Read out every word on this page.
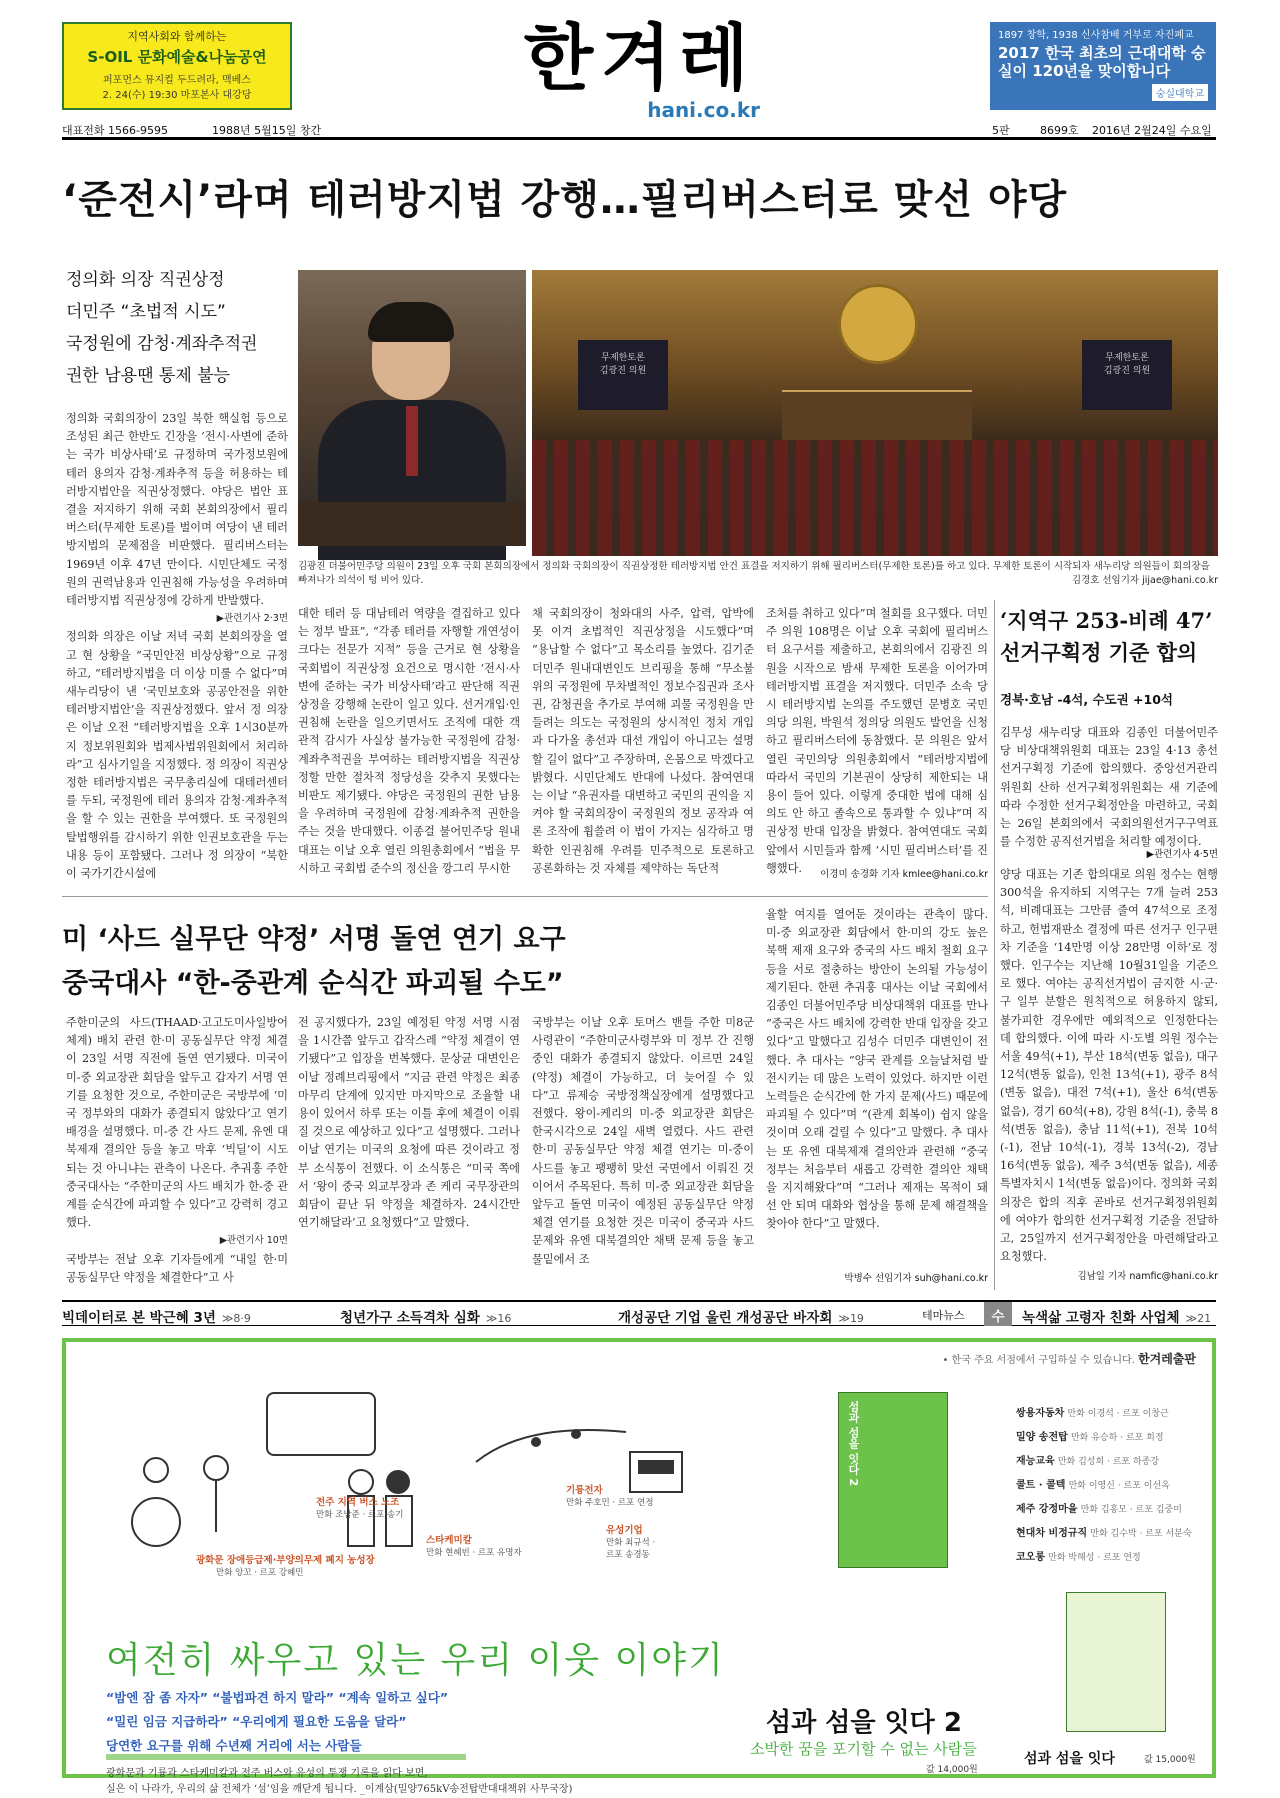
지역사회와 함께하는
S-OIL 문화예술&나눔공연
퍼포먼스 뮤지컬 두드려라, 맥베스
2. 24(수) 19:30 마포본사 대강당	한겨레
hani.co.kr
1897 창학, 1938 신사참배 거부로 자진폐교
2017 한국 최초의 근대대학 숭실이 120년을 맞이합니다
숭실대학교
대표전화 1566-9595	1988년 5월15일 창간	5판	8699호 2016년 2월24일 수요일
‘준전시’라며 테러방지법 강행…필리버스터로 맞선 야당
정의화 의장 직권상정
더민주 “초법적 시도”
국정원에 감청·계좌추적권
권한 남용땐 통제 불능
무제한토론
김광진 의원
무제한토론
김광진 의원
김광진 더불어민주당 의원이 23일 오후 국회 본회의장에서 정의화 국회의장이 직권상정한 테러방지법 안건 표결을 저지하기 위해 필리버스터(무제한 토론)를 하고 있다. 무제한 토론이 시작되자 새누리당 의원들이 회의장을 빠져나가 의석이 텅 비어 있다.	김경호 선임기자 jijae@hani.co.kr
정의화 국회의장이 23일 북한 핵실험 등으로 조성된 최근 한반도 긴장을 ‘전시·사변에 준하는 국가 비상사태’로 규정하며 국가정보원에 테러 용의자 감청·계좌추적 등을 허용하는 테러방지법안을 직권상정했다. 야당은 법안 표결을 저지하기 위해 국회 본회의장에서 필리버스터(무제한 토론)를 벌이며 여당이 낸 테러방지법의 문제점을 비판했다. 필리버스터는 1969년 이후 47년 만이다. 시민단체도 국정원의 권력남용과 인권침해 가능성을 우려하며 테러방지법 직권상정에 강하게 반발했다.
▶관련기사 2·3면
정의화 의장은 이날 저녁 국회 본회의장을 열고 현 상황을 “국민안전 비상상황”으로 규정하고, “테러방지법을 더 이상 미룰 수 없다”며 새누리당이 낸 ‘국민보호와 공공안전을 위한 테러방지법안’을 직권상정했다. 앞서 정 의장은 이날 오전 “테러방지법을 오후 1시30분까지 정보위원회와 법제사법위원회에서 처리하라”고 심사기일을 지정했다. 정 의장이 직권상정한 테러방지법은 국무총리실에 대테러센터를 두되, 국정원에 테러 용의자 감청·계좌추적을 할 수 있는 권한을 부여했다. 또 국정원의 탈법행위를 감시하기 위한 인권보호관을 두는 내용 등이 포함됐다. 그러나 정 의장이 “북한이 국가기간시설에
대한 테러 등 대남테러 역량을 결집하고 있다는 정부 발표”, “각종 테러를 자행할 개연성이 크다는 전문가 지적” 등을 근거로 현 상황을 국회법이 직권상정 요건으로 명시한 ‘전시·사변에 준하는 국가 비상사태’라고 판단해 직권상정을 강행해 논란이 일고 있다. 선거개입·인권침해 논란을 일으키면서도 조직에 대한 객관적 감시가 사실상 불가능한 국정원에 감청·계좌추적권을 부여하는 테러방지법을 직권상정할 만한 절차적 정당성을 갖추지 못했다는 비판도 제기됐다. 야당은 국정원의 권한 남용을 우려하며 국정원에 감청·계좌추적 권한을 주는 것을 반대했다. 이종걸 불어민주당 원내대표는 이날 오후 열린 의원총회에서 “법을 무시하고 국회법 준수의 정신을 깡그리 무시한
채 국회의장이 청와대의 사주, 압력, 압박에 못 이겨 초법적인 직권상정을 시도했다”며 “용납할 수 없다”고 목소리를 높였다. 김기준 더민주 원내대변인도 브리핑을 통해 “무소불위의 국정원에 무차별적인 정보수집권과 조사권, 감청권을 추가로 부여해 괴물 국정원을 만들려는 의도는 국정원의 상시적인 정치 개입과 다가올 총선과 대선 개입이 아니고는 설명할 길이 없다”고 주장하며, 온몸으로 막겠다고 밝혔다. 시민단체도 반대에 나섰다. 참여연대는 이날 “유권자를 대변하고 국민의 권익을 지켜야 할 국회의장이 국정원의 정보 공작과 여론 조작에 휩쓸려 이 법이 가지는 심각하고 명확한 인권침해 우려를 민주적으로 토론하고 공론화하는 것 자체를 제약하는 독단적
조처를 취하고 있다”며 철회를 요구했다. 더민주 의원 108명은 이날 오후 국회에 필리버스터 요구서를 제출하고, 본회의에서 김광진 의원을 시작으로 밤새 무제한 토론을 이어가며 테러방지법 표결을 저지했다. 더민주 소속 당시 테러방지법 논의를 주도했던 문병호 국민의당 의원, 박원석 정의당 의원도 발언을 신청하고 필리버스터에 동참했다. 문 의원은 앞서 열린 국민의당 의원총회에서 “테러방지법에 따라서 국민의 기본권이 상당히 제한되는 내용이 들어 있다. 이렇게 중대한 법에 대해 심의도 안 하고 졸속으로 통과할 수 있냐”며 직권상정 반대 입장을 밝혔다. 참여연대도 국회 앞에서 시민들과 함께 ‘시민 필리버스터’를 진행했다.	이경미 송경화 기자 kmlee@hani.co.kr
‘지역구 253-비례 47’ 선거구획정 기준 합의
경북·호남 -4석, 수도권 +10석
김무성 새누리당 대표와 김종인 더불어민주당 비상대책위원회 대표는 23일 4·13 총선 선거구획정 기준에 합의했다. 중앙선거관리위원회 산하 선거구획정위원회는 새 기준에 따라 수정한 선거구획정안을 마련하고, 국회는 26일 본회의에서 국회의원선거구구역표를 수정한 공직선거법을 처리할 예정이다.
▶관련기사 4·5면
양당 대표는 기존 합의대로 의원 정수는 현행 300석을 유지하되 지역구는 7개 늘려 253석, 비례대표는 그만큼 줄여 47석으로 조정하고, 헌법재판소 결정에 따른 선거구 인구편차 기준을 ‘14만명 이상 28만명 이하’로 정했다. 인구수는 지난해 10월31일을 기준으로 했다. 여야는 공직선거법이 금지한 시·군·구 일부 분할은 원칙적으로 허용하지 않되, 불가피한 경우에만 예외적으로 인정한다는 데 합의했다. 이에 따라 시·도별 의원 정수는 서울 49석(+1), 부산 18석(변동 없음), 대구 12석(변동 없음), 인천 13석(+1), 광주 8석(변동 없음), 대전 7석(+1), 울산 6석(변동 없음), 경기 60석(+8), 강원 8석(-1), 충북 8석(변동 없음), 충남 11석(+1), 전북 10석(-1), 전남 10석(-1), 경북 13석(-2), 경남 16석(변동 없음), 제주 3석(변동 없음), 세종특별자치시 1석(변동 없음)이다. 정의화 국회의장은 합의 직후 곧바로 선거구획정위원회에 여야가 합의한 선거구획정 기준을 전달하고, 25일까지 선거구획정안을 마련해달라고 요청했다.
김남일 기자 namfic@hani.co.kr
미 ‘사드 실무단 약정’ 서명 돌연 연기 요구
중국대사 “한-중관계 순식간 파괴될 수도”
율할 여지를 열어둔 것이라는 관측이 많다. 미-중 외교장관 회담에서 한·미의 강도 높은 북핵 제재 요구와 중국의 사드 배치 철회 요구 등을 서로 절충하는 방안이 논의될 가능성이 제기된다. 한편 추궈훙 대사는 이날 국회에서 김종인 더불어민주당 비상대책위 대표를 만나 “중국은 사드 배치에 강력한 반대 입장을 갖고 있다”고 말했다고 김성수 더민주 대변인이 전했다. 추 대사는 “양국 관계를 오늘날처럼 발전시키는 데 많은 노력이 있었다. 하지만 이런 노력들은 순식간에 한 가지 문제(사드) 때문에 파괴될 수 있다”며 “(관계 회복이) 쉽지 않을 것이며 오래 걸릴 수 있다”고 말했다. 추 대사는 또 유엔 대북제재 결의안과 관련해 “중국 정부는 처음부터 새롭고 강력한 결의안 채택을 지지해왔다”며 “그러나 제재는 목적이 돼선 안 되며 대화와 협상을 통해 문제 해결책을 찾아야 한다”고 말했다.
주한미군의 사드(THAAD·고고도미사일방어체계) 배치 관련 한·미 공동실무단 약정 체결이 23일 서명 직전에 돌연 연기됐다. 미국이 미-중 외교장관 회담을 앞두고 갑자기 서명 연기를 요청한 것으로, 주한미군은 국방부에 ‘미국 정부와의 대화가 종결되지 않았다’고 연기 배경을 설명했다. 미-중 간 사드 문제, 유엔 대북제재 결의안 등을 놓고 막후 ‘빅딜’이 시도되는 것 아니냐는 관측이 나온다. 추궈훙 주한 중국대사는 “주한미군의 사드 배치가 한-중 관계를 순식간에 파괴할 수 있다”고 강력히 경고했다.
▶관련기사 10면
국방부는 전날 오후 기자들에게 “내일 한·미 공동실무단 약정을 체결한다”고 사
전 공지했다가, 23일 예정된 약정 서명 시점을 1시간쯤 앞두고 갑작스레 “약정 체결이 연기됐다”고 입장을 번복했다. 문상균 대변인은 이날 정례브리핑에서 “지금 관련 약정은 최종 마무리 단계에 있지만 마지막으로 조율할 내용이 있어서 하루 또는 이틀 후에 체결이 이뤄질 것으로 예상하고 있다”고 설명했다. 그러나 이날 연기는 미국의 요청에 따른 것이라고 정부 소식통이 전했다. 이 소식통은 “미국 쪽에서 ‘왕이 중국 외교부장과 존 케리 국무장관의 회담이 끝난 뒤 약정을 체결하자. 24시간만 연기해달라’고 요청했다”고 말했다.
국방부는 이날 오후 토머스 밴들 주한 미8군 사령관이 “주한미군사령부와 미 정부 간 진행 중인 대화가 종결되지 않았다. 이르면 24일 (약정) 체결이 가능하고, 더 늦어질 수 있다”고 류제승 국방정책실장에게 설명했다고 전했다. 왕이-케리의 미-중 외교장관 회담은 한국시각으로 24일 새벽 열렸다. 사드 관련 한·미 공동실무단 약정 체결 연기는 미-중이 사드를 놓고 팽팽히 맞선 국면에서 이뤄진 것이어서 주목된다. 특히 미-중 외교장관 회담을 앞두고 돌연 미국이 예정된 공동실무단 약정 체결 연기를 요청한 것은 미국이 중국과 사드 문제와 유엔 대북결의안 채택 문제 등을 놓고 물밑에서 조
박병수 선임기자 suh@hani.co.kr
빅데이터로 본 박근혜 3년 ≫8·9	청년가구 소득격차 심화 ≫16	개성공단 기업 울린 개성공단 바자회 ≫19	테마뉴스	수	녹색삶 고령자 친화 사업체 ≫21
• 한국 주요 서점에서 구입하실 수 있습니다. 한겨레출판
광화문 장애등급제·부양의무제 폐지 농성장
만화 앙꼬 · 르포 강혜민
전주 지역 버스 노조
만화 조남준 · 르포 송기
스타케미칼
만화 현혜빈 · 르포 유명자
기륭전자
만화 주호민 · 르포 연정
유성기업
만화 최규석 · 르포 송경동
여전히 싸우고 있는 우리 이웃 이야기
“밤엔 잠 좀 자자” “불법파견 하지 말라” “계속 일하고 싶다”
“밀린 임금 지급하라” “우리에게 필요한 도움을 달라”
당연한 요구를 위해 수년째 거리에 서는 사람들
광화문과 기륭과 스타케미칼과 전주 버스와 유성의 투쟁 기록을 읽다 보면,
실은 이 나라가, 우리의 삶 전체가 ‘섬’임을 깨닫게 됩니다. _이계삼(밀양765kV송전탑반대대책위 사무국장)
섬과 섬을 잇다 2
섬과 섬을 잇다 2
소박한 꿈을 포기할 수 없는 사람들
값 14,000원
쌍용자동차 만화 이경석 · 르포 이창근
밀양 송전탑 만화 유승하 · 르포 희정
재능교육 만화 김성희 · 르포 하종강
콜트 · 콜텍 만화 이영신 · 르포 이선옥
제주 강정마을 만화 김홍모 · 르포 김중미
현대차 비정규직 만화 김수박 · 르포 서분숙
코오롱 만화 박해성 · 르포 연정
섬과 섬을 잇다	값 15,000원
